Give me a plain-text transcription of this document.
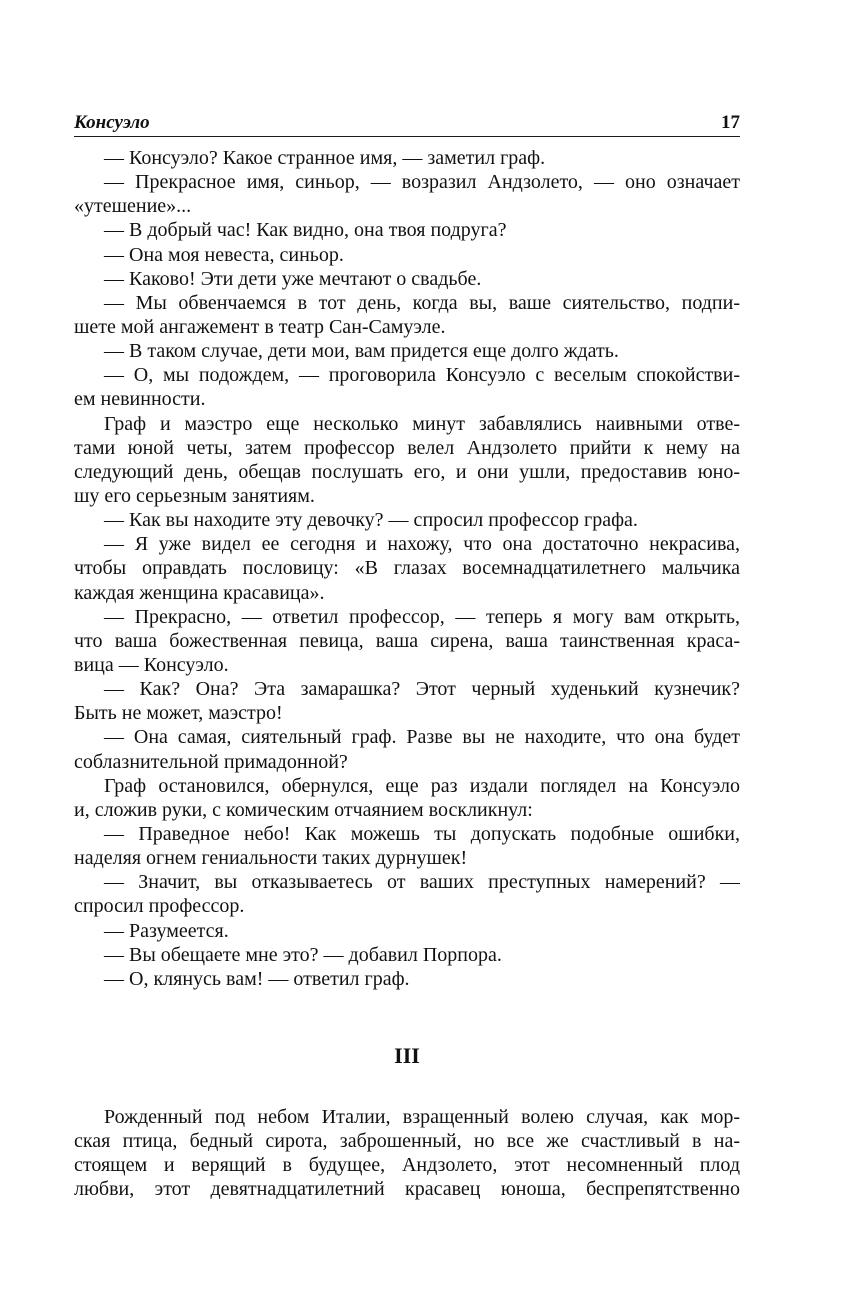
Консуэло	17
— Консуэло? Какое странное имя, — заметил граф.
— Прекрасное имя, синьор, — возразил Андзолето, — оно означает
«утешение»...
— В добрый час! Как видно, она твоя подруга?
— Она моя невеста, синьор.
— Каково! Эти дети уже мечтают о свадьбе.
— Мы обвенчаемся в тот день, когда вы, ваше сиятельство, подпи-
шете мой ангажемент в театр Сан-Самуэле.
— В таком случае, дети мои, вам придется еще долго ждать.
— О, мы подождем, — проговорила Консуэло с веселым спокойстви-
ем невинности.
Граф и маэстро еще несколько минут забавлялись наивными отве-
тами юной четы, затем профессор велел Андзолето прийти к нему на
следующий день, обещав послушать его, и они ушли, предоставив юно-
шу его серьезным занятиям.
— Как вы находите эту девочку? — спросил профессор графа.
— Я уже видел ее сегодня и нахожу, что она достаточно некрасива,
чтобы оправдать пословицу: «В глазах восемнадцатилетнего мальчика
каждая женщина красавица».
— Прекрасно, — ответил профессор, — теперь я могу вам открыть,
что ваша божественная певица, ваша сирена, ваша таинственная краса-
вица — Консуэло.
— Как? Она? Эта замарашка? Этот черный худенький кузнечик?
Быть не может, маэстро!
— Она самая, сиятельный граф. Разве вы не находите, что она будет
соблазнительной примадонной?
Граф остановился, обернулся, еще раз издали поглядел на Консуэло
и, сложив руки, с комическим отчаянием воскликнул:
— Праведное небо! Как можешь ты допускать подобные ошибки,
наделяя огнем гениальности таких дурнушек!
— Значит, вы отказываетесь от ваших преступных намерений? —
спросил профессор.
— Разумеется.
— Вы обещаете мне это? — добавил Порпора.
— О, клянусь вам! — ответил граф.
III
Рожденный под небом Италии, взращенный волею случая, как мор-
ская птица, бедный сирота, заброшенный, но все же счастливый в на-
стоящем и верящий в будущее, Андзолето, этот несомненный плод
любви, этот девятнадцатилетний красавец юноша, беспрепятственно
